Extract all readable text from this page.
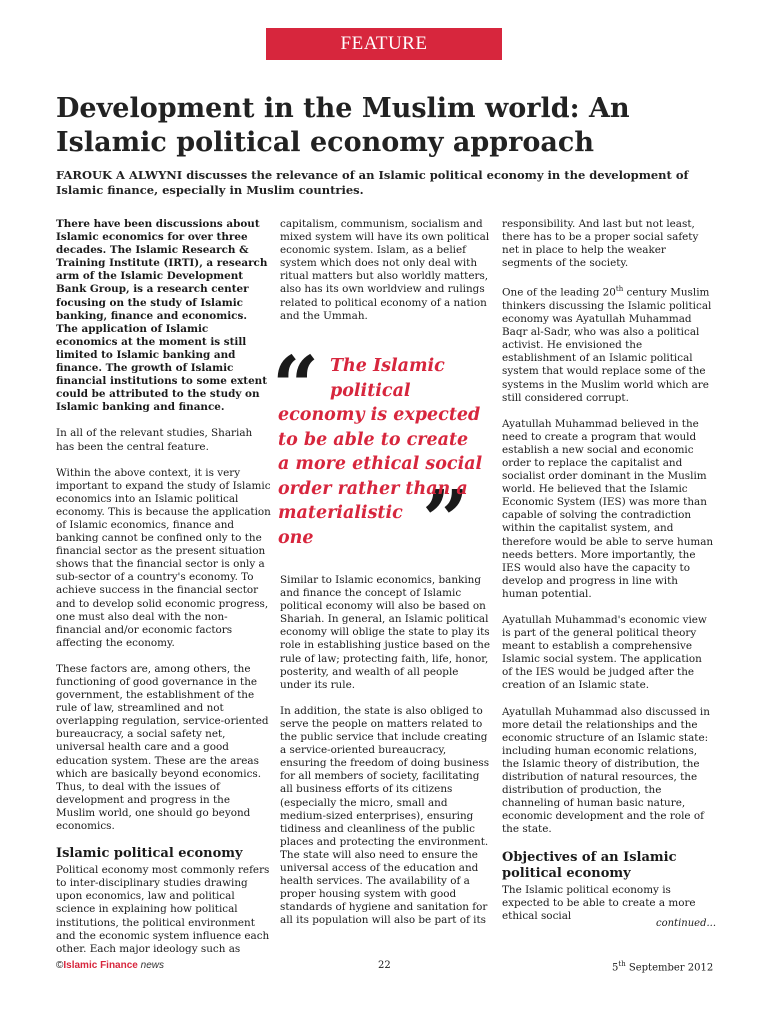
FEATURE
Development in the Muslim world: An Islamic political economy approach

FAROUK A ALWYNI discusses the relevance of an Islamic political economy in the development of Islamic finance, especially in Muslim countries.

There have been discussions about Islamic economics for over three decades. The Islamic Research & Training Institute (IRTI), a research arm of the Islamic Development Bank Group, is a research center focusing on the study of Islamic banking, finance and economics. The application of Islamic economics at the moment is still limited to Islamic banking and finance. The growth of Islamic financial institutions to some extent could be attributed to the study on Islamic banking and finance.

In all of the relevant studies, Shariah has been the central feature.

Within the above context, it is very important to expand the study of Islamic economics into an Islamic political economy. This is because the application of Islamic economics, finance and banking cannot be confined only to the financial sector as the present situation shows that the financial sector is only a sub-sector of a country's economy. To achieve success in the financial sector and to develop solid economic progress, one must also deal with the non-financial and/or economic factors affecting the economy.

These factors are, among others, the functioning of good governance in the government, the establishment of the rule of law, streamlined and not overlapping regulation, service-oriented bureaucracy, a social safety net, universal health care and a good education system. These are the areas which are basically beyond economics. Thus, to deal with the issues of development and progress in the Muslim world, one should go beyond economics.

Islamic political economy

Political economy most commonly refers to inter-disciplinary studies drawing upon economics, law and political science in explaining how political institutions, the political environment and the economic system influence each other. Each major ideology such as

capitalism, communism, socialism and mixed system will have its own political economic system. Islam, as a belief system which does not only deal with ritual matters but also worldly matters, also has its own worldview and rulings related to political economy of a nation and the Ummah.

“
”
The Islamic
political
economy is expected
to be able to create
a more ethical social
order rather than a
materialistic
one

Similar to Islamic economics, banking and finance the concept of Islamic political economy will also be based on Shariah. In general, an Islamic political economy will oblige the state to play its role in establishing justice based on the rule of law; protecting faith, life, honor, posterity, and wealth of all people under its rule.

In addition, the state is also obliged to serve the people on matters related to the public service that include creating a service-oriented bureaucracy, ensuring the freedom of doing business for all members of society, facilitating all business efforts of its citizens (especially the micro, small and medium-sized enterprises), ensuring tidiness and cleanliness of the public places and protecting the environment. The state will also need to ensure the universal access of the education and health services. The availability of a proper housing system with good standards of hygiene and sanitation for all its population will also be part of its

responsibility. And last but not least, there has to be a proper social safety net in place to help the weaker segments of the society.

One of the leading 20th century Muslim thinkers discussing the Islamic political economy was Ayatullah Muhammad Baqr al-Sadr, who was also a political activist. He envisioned the establishment of an Islamic political system that would replace some of the systems in the Muslim world which are still considered corrupt.

Ayatullah Muhammad believed in the need to create a program that would establish a new social and economic order to replace the capitalist and socialist order dominant in the Muslim world. He believed that the Islamic Economic System (IES) was more than capable of solving the contradiction within the capitalist system, and therefore would be able to serve human needs betters. More importantly, the IES would also have the capacity to develop and progress in line with human potential.

Ayatullah Muhammad's economic view is part of the general political theory meant to establish a comprehensive Islamic social system. The application of the IES would be judged after the creation of an Islamic state.

Ayatullah Muhammad also discussed in more detail the relationships and the economic structure of an Islamic state: including human economic relations, the Islamic theory of distribution, the distribution of natural resources, the distribution of production, the channeling of human basic nature, economic development and the role of the state.

Objectives of an Islamic political economy

The Islamic political economy is expected to be able to create a more ethical social

continued...
©Islamic Finance news	22	5th September 2012
